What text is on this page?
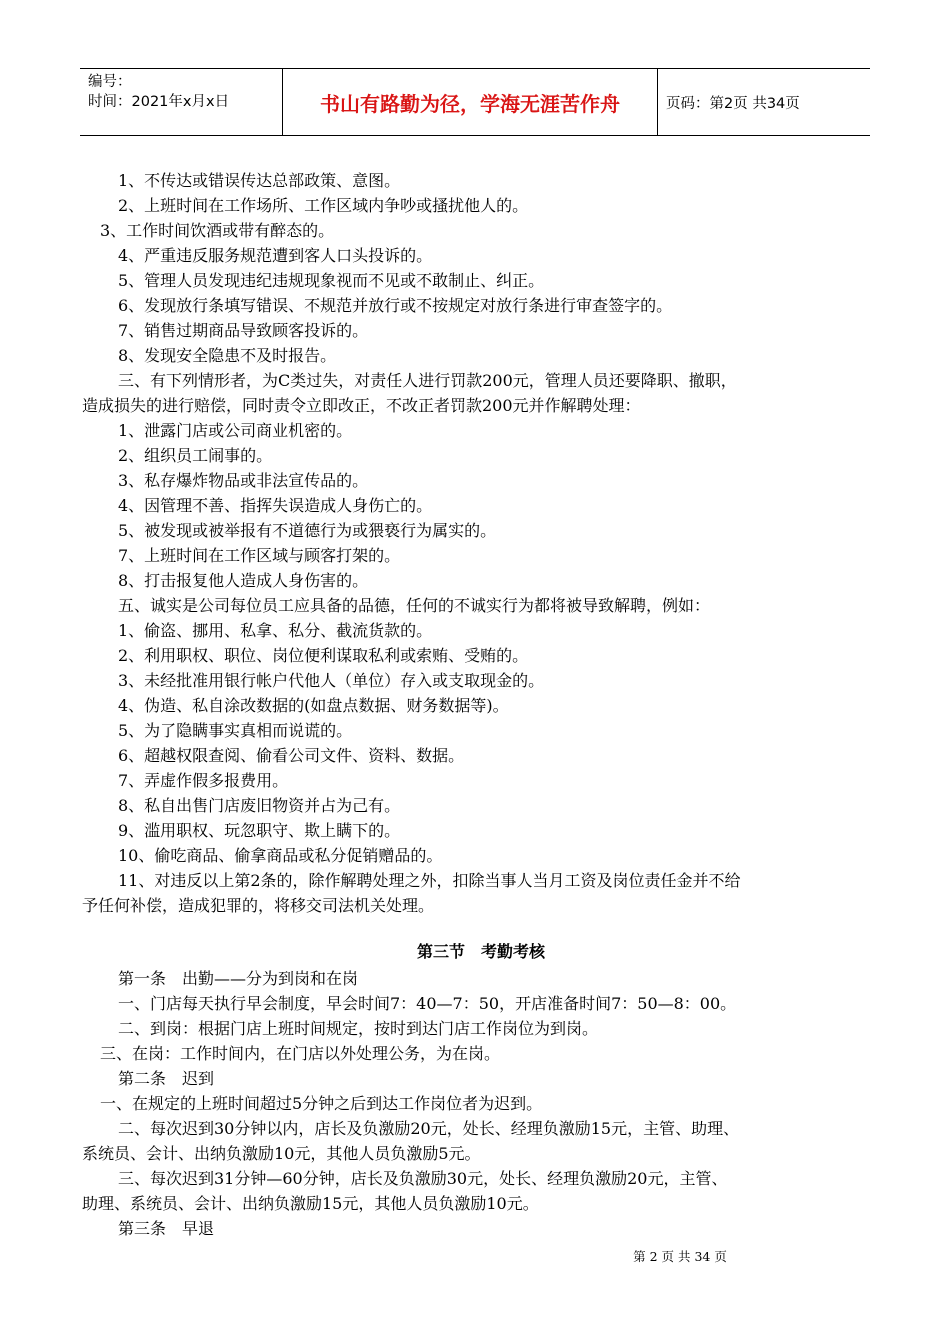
编号：
时间：2021年x月x日	书山有路勤为径，学海无涯苦作舟	页码：第2页 共34页
1、不传达或错误传达总部政策、意图。
2、上班时间在工作场所、工作区域内争吵或搔扰他人的。
3、工作时间饮酒或带有醉态的。
4、严重违反服务规范遭到客人口头投诉的。
5、管理人员发现违纪违规现象视而不见或不敢制止、纠正。
6、发现放行条填写错误、不规范并放行或不按规定对放行条进行审查签字的。
7、销售过期商品导致顾客投诉的。
8、发现安全隐患不及时报告。
三、有下列情形者，为C类过失，对责任人进行罚款200元，管理人员还要降职、撤职，
造成损失的进行赔偿，同时责令立即改正，不改正者罚款200元并作解聘处理：
1、泄露门店或公司商业机密的。
2、组织员工闹事的。
3、私存爆炸物品或非法宣传品的。
4、因管理不善、指挥失误造成人身伤亡的。
5、被发现或被举报有不道德行为或猥亵行为属实的。
7、上班时间在工作区域与顾客打架的。
8、打击报复他人造成人身伤害的。
五、诚实是公司每位员工应具备的品德，任何的不诚实行为都将被导致解聘，例如：
1、偷盗、挪用、私拿、私分、截流货款的。
2、利用职权、职位、岗位便利谋取私利或索贿、受贿的。
3、未经批准用银行帐户代他人（单位）存入或支取现金的。
4、伪造、私自涂改数据的(如盘点数据、财务数据等)。
5、为了隐瞒事实真相而说谎的。
6、超越权限查阅、偷看公司文件、资料、数据。
7、弄虚作假多报费用。
8、私自出售门店废旧物资并占为己有。
9、滥用职权、玩忽职守、欺上瞒下的。
10、偷吃商品、偷拿商品或私分促销赠品的。
11、对违反以上第2条的，除作解聘处理之外，扣除当事人当月工资及岗位责任金并不给
予任何补偿，造成犯罪的，将移交司法机关处理。
第三节　考勤考核
第一条　出勤——分为到岗和在岗
一、门店每天执行早会制度，早会时间7：40—7：50，开店准备时间7：50—8：00。
二、到岗：根据门店上班时间规定，按时到达门店工作岗位为到岗。
三、在岗：工作时间内，在门店以外处理公务，为在岗。
第二条　迟到
一、在规定的上班时间超过5分钟之后到达工作岗位者为迟到。
二、每次迟到30分钟以内，店长及负激励20元，处长、经理负激励15元，主管、助理、
系统员、会计、出纳负激励10元，其他人员负激励5元。
三、每次迟到31分钟—60分钟，店长及负激励30元，处长、经理负激励20元，主管、
助理、系统员、会计、出纳负激励15元，其他人员负激励10元。
第三条　早退
第 2 页 共 34 页
